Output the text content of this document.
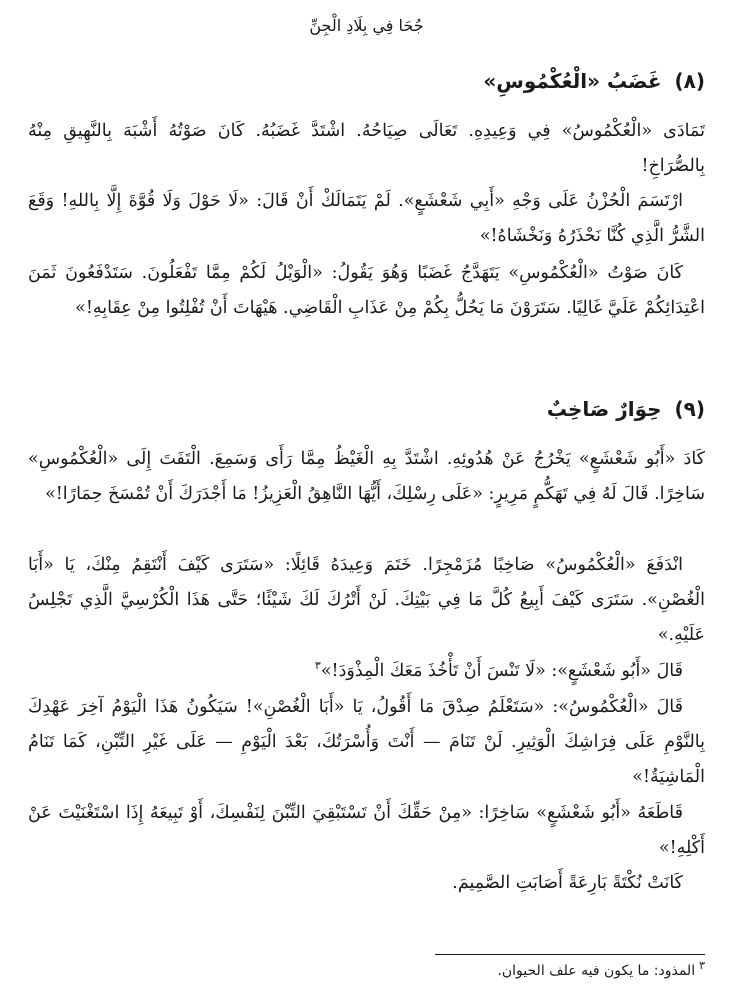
جُحَا فِي بِلَادِ الْجِنِّ
(٨) غَضَبُ «الْعُكْمُوسِ»

تَمَادَى «الْعُكْمُوسُ» فِي وَعِيدِهِ. تَعَالَى صِيَاحُهُ. اشْتَدَّ غَضَبُهُ. كَانَ صَوْتُهُ أَشْبَهَ بِالنَّهِيقِ مِنْهُ بِالصُّرَاخِ!

ارْتَسَمَ الْحُزْنُ عَلَى وَجْهِ «أَبِي شَعْشَعٍ». لَمْ يَتَمَالَكْ أَنْ قَالَ: «لَا حَوْلَ وَلَا قُوَّةَ إِلَّا بِاللهِ! وَقَعَ الشَّرُّ الَّذِي كُنَّا نَحْذَرُهُ وَنَخْشَاهُ!»

كَانَ صَوْتُ «الْعُكْمُوسِ» يَتَهَدَّجُ غَضَبًا وَهُوَ يَقُولُ: «الْوَيْلُ لَكُمْ مِمَّا تَفْعَلُونَ. سَتَدْفَعُونَ ثَمَنَ اعْتِدَائِكُمْ عَلَيَّ غَالِيًا. سَتَرَوْنَ مَا يَحُلُّ بِكُمْ مِنْ عَذَابِ الْقَاضِي. هَيْهَاتَ أَنْ تُفْلِتُوا مِنْ عِقَابِهِ!»

(٩) حِوَارٌ صَاخِبٌ

كَادَ «أَبُو شَعْشَعٍ» يَخْرُجُ عَنْ هُدُوئِهِ. اشْتَدَّ بِهِ الْغَيْظُ مِمَّا رَأَى وَسَمِعَ. الْتَفَتَ إِلَى «الْعُكْمُوسِ» سَاخِرًا. قَالَ لَهُ فِي تَهَكُّمٍ مَرِيرٍ: «عَلَى رِسْلِكَ، أَيُّهَا النَّاهِقُ الْعَزِيزُ! مَا أَجْدَرَكَ أَنْ تُمْسَخَ حِمَارًا!»

انْدَفَعَ «الْعُكْمُوسُ» صَاخِبًا مُزَمْجِرًا. خَتَمَ وَعِيدَهُ قَائِلًا: «سَتَرَى كَيْفَ أَنْتَقِمُ مِنْكَ، يَا «أَبَا الْغُصْنِ». سَتَرَى كَيْفَ أَبِيعُ كُلَّ مَا فِي بَيْتِكَ. لَنْ أَتْرُكَ لَكَ شَيْئًا؛ حَتَّى هَذَا الْكُرْسِيَّ الَّذِي تَجْلِسُ عَلَيْهِ.»

قَالَ «أَبُو شَعْشَعٍ»: «لَا تَنْسَ أَنْ تَأْخُذَ مَعَكَ الْمِذْوَدَ!»$^٣$

قَالَ «الْعُكْمُوسُ»: «سَتَعْلَمُ صِدْقَ مَا أَقُولُ، يَا «أَبَا الْغُصْنِ»! سَيَكُونُ هَذَا الْيَوْمُ آخِرَ عَهْدِكَ بِالنَّوْمِ عَلَى فِرَاشِكَ الْوَثِيرِ. لَنْ تَنَامَ — أَنْتَ وَأُسْرَتُكَ، بَعْدَ الْيَوْمِ — عَلَى غَيْرِ التِّبْنِ، كَمَا تَنَامُ الْمَاشِيَةُ!»

قَاطَعَهُ «أَبُو شَعْشَعٍ» سَاخِرًا: «مِنْ حَقِّكَ أَنْ تَسْتَبْقِيَ التِّبْنَ لِنَفْسِكَ، أَوْ تَبِيعَهُ إِذَا اسْتَغْنَيْتَ عَنْ أَكْلِهِ!»

كَانَتْ نُكْتَةً بَارِعَةً أَصَابَتِ الصَّمِيمَ.

$^٣$المذود: ما يكون فيه علف الحيوان.
